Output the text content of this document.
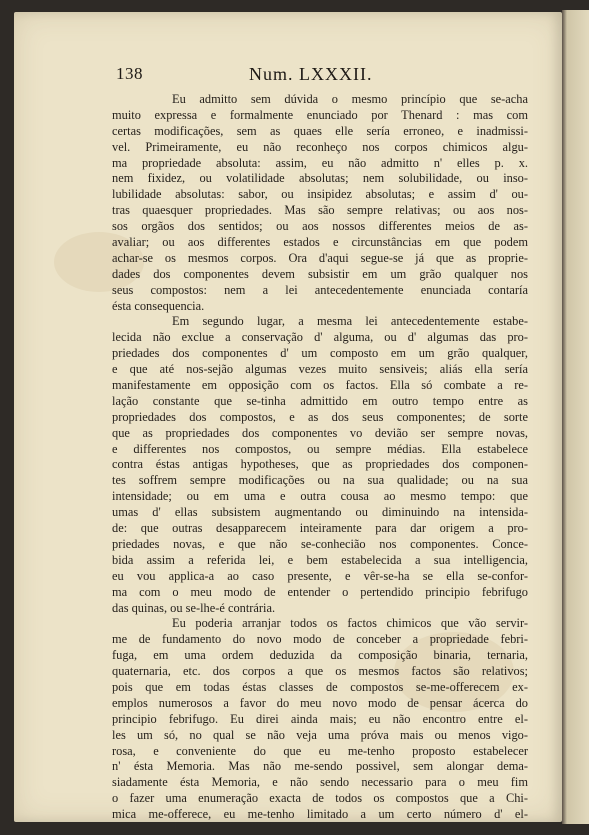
138	Num. LXXXII.
Eu admitto sem dúvida o mesmo princípio que se-acha
muito expressa e formalmente enunciado por Thenard : mas com
certas modificações, sem as quaes elle sería erroneo, e inadmissi-
vel. Primeiramente, eu não reconheço nos corpos chimicos algu-
ma propriedade absoluta: assim, eu não admitto n' elles p. x.
nem fixidez, ou volatilidade absolutas; nem solubilidade, ou inso-
lubilidade absolutas: sabor, ou insipidez absolutas; e assim d' ou-
tras quaesquer propriedades. Mas são sempre relativas; ou aos nos-
sos orgãos dos sentidos; ou aos nossos differentes meios de as-
avaliar; ou aos differentes estados e circunstâncias em que podem
achar-se os mesmos corpos. Ora d'aqui segue-se já que as proprie-
dades dos componentes devem subsistir em um grão qualquer nos
seus compostos: nem a lei antecedentemente enunciada contaría
ésta consequencia.
Em segundo lugar, a mesma lei antecedentemente estabe-
lecida não exclue a conservação d' alguma, ou d' algumas das pro-
priedades dos componentes d' um composto em um grão qualquer,
e que até nos-sejão algumas vezes muito sensiveis; aliás ella sería
manifestamente em opposição com os factos. Ella só combate a re-
lação constante que se-tinha admittido em outro tempo entre as
propriedades dos compostos, e as dos seus componentes; de sorte
que as propriedades dos componentes vo devião ser sempre novas,
e differentes nos compostos, ou sempre médias. Ella estabelece
contra éstas antigas hypotheses, que as propriedades dos componen-
tes soffrem sempre modificações ou na sua qualidade; ou na sua
intensidade; ou em uma e outra cousa ao mesmo tempo: que
umas d' ellas subsistem augmentando ou diminuindo na intensida-
de: que outras desapparecem inteiramente para dar origem a pro-
priedades novas, e que não se-conhecião nos componentes. Conce-
bida assim a referida lei, e bem estabelecida a sua intelligencia,
eu vou applica-a ao caso presente, e vêr-se-ha se ella se-confor-
ma com o meu modo de entender o pertendido principio febrifugo
das quinas, ou se-lhe-é contrária.
Eu poderia arranjar todos os factos chimicos que vão servir-
me de fundamento do novo modo de conceber a propriedade febri-
fuga, em uma ordem deduzida da composição binaria, ternaria,
quaternaria, etc. dos corpos a que os mesmos factos são relativos;
pois que em todas éstas classes de compostos se-me-offerecem ex-
emplos numerosos a favor do meu novo modo de pensar ácerca do
principio febrifugo. Eu direi ainda mais; eu não encontro entre el-
les um só, no qual se não veja uma próva mais ou menos vigo-
rosa, e conveniente do que eu me-tenho proposto estabelecer
n' ésta Memoria. Mas não me-sendo possivel, sem alongar dema-
siadamente ésta Memoria, e não sendo necessario para o meu fim
o fazer uma enumeração exacta de todos os compostos que a Chi-
mica me-offerece, eu me-tenho limitado a um certo número d' el-
